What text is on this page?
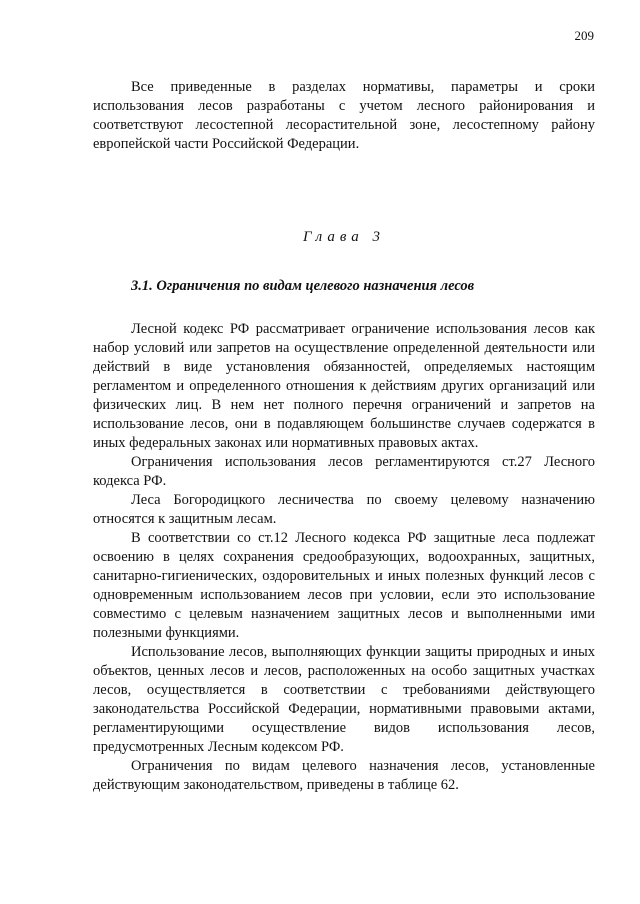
209

Все приведенные в разделах нормативы, параметры и сроки использования лесов разработаны с учетом лесного районирования и соответствуют лесостепной лесорастительной зоне, лесостепному району европейской части Российской Федерации.

Глава 3

3.1. Ограничения по видам целевого назначения лесов

Лесной кодекс РФ рассматривает ограничение использования лесов как набор условий или запретов на осуществление определенной деятельности или действий в виде установления обязанностей, определяемых настоящим регламентом и определенного отношения к действиям других организаций или физических лиц. В нем нет полного перечня ограничений и запретов на использование лесов, они в подавляющем большинстве случаев содержатся в иных федеральных законах или нормативных правовых актах.

Ограничения использования лесов регламентируются ст.27 Лесного кодекса РФ.

Леса Богородицкого лесничества по своему целевому назначению относятся к защитным лесам.

В соответствии со ст.12 Лесного кодекса РФ защитные леса подлежат освоению в целях сохранения средообразующих, водоохранных, защитных, санитарно-гигиенических, оздоровительных и иных полезных функций лесов с одновременным использованием лесов при условии, если это использование совместимо с целевым назначением защитных лесов и выполненными ими полезными функциями.

Использование лесов, выполняющих функции защиты природных и иных объектов, ценных лесов и лесов, расположенных на особо защитных участках лесов, осуществляется в соответствии с требованиями действующего законодательства Российской Федерации, нормативными правовыми актами, регламентирующими осуществление видов использования лесов, предусмотренных Лесным кодексом РФ.

Ограничения по видам целевого назначения лесов, установленные действующим законодательством, приведены в таблице 62.
